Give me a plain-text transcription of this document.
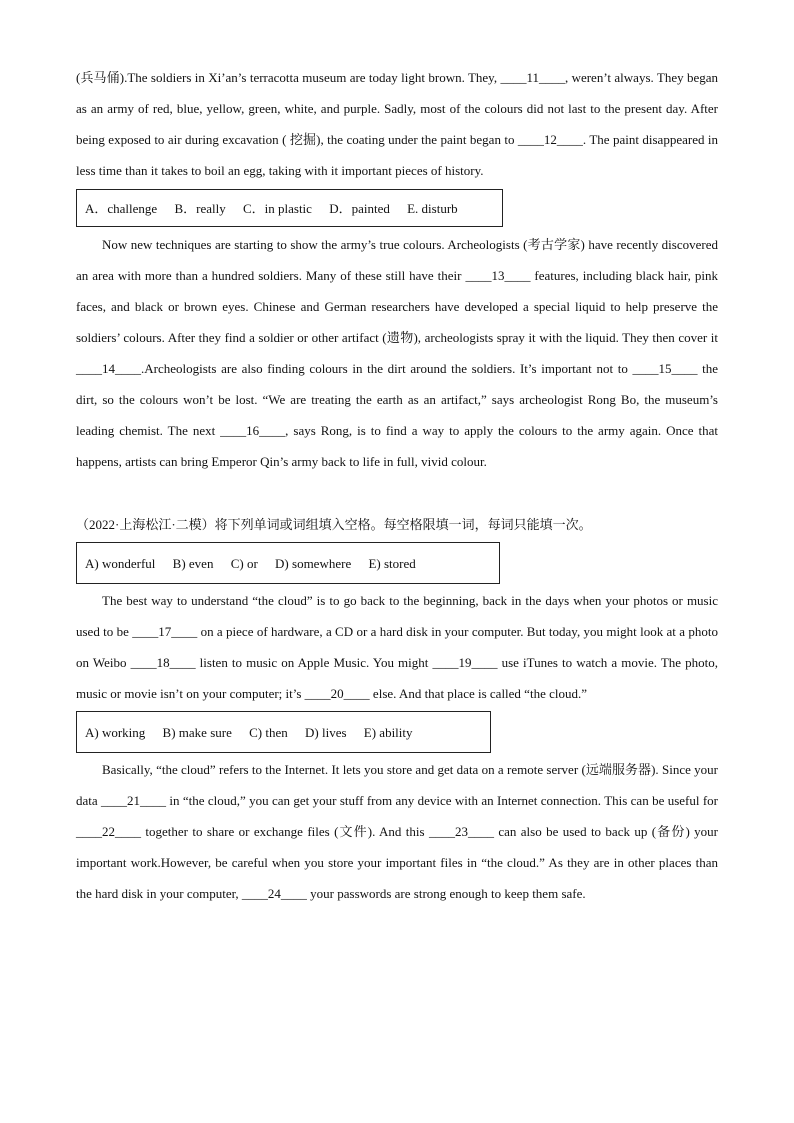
(兵马俑).The soldiers in Xi’an’s terracotta museum are today light brown. They, ____11____, weren’t always. They began as an army of red, blue, yellow, green, white, and purple. Sadly, most of the colours did not last to the present day. After being exposed to air during excavation ( 挖掘), the coating under the paint began to ____12____. The paint disappeared in less time than it takes to boil an egg, taking with it important pieces of history.

A．challenge B．really C．in plastic D．painted E. disturb

Now new techniques are starting to show the army’s true colours. Archeologists (考古学家) have recently discovered an area with more than a hundred soldiers. Many of these still have their ____13____ features, including black hair, pink faces, and black or brown eyes. Chinese and German researchers have developed a special liquid to help preserve the soldiers’ colours. After they find a soldier or other artifact (遗物), archeologists spray it with the liquid. They then cover it ____14____.Archeologists are also finding colours in the dirt around the soldiers. It’s important not to ____15____ the dirt, so the colours won’t be lost. “We are treating the earth as an artifact,” says archeologist Rong Bo, the museum’s leading chemist. The next ____16____, says Rong, is to find a way to apply the colours to the army again. Once that happens, artists can bring Emperor Qin’s army back to life in full, vivid colour.

（2022·上海松江·二模）将下列单词或词组填入空格。每空格限填一词，每词只能填一次。

A) wonderful B) even C) or D) somewhere E) stored

The best way to understand “the cloud” is to go back to the beginning, back in the days when your photos or music used to be ____17____ on a piece of hardware, a CD or a hard disk in your computer. But today, you might look at a photo on Weibo ____18____ listen to music on Apple Music. You might ____19____ use iTunes to watch a movie. The photo, music or movie isn’t on your computer; it’s ____20____ else. And that place is called “the cloud.”

A) working B) make sure C) then D) lives E) ability

Basically, “the cloud” refers to the Internet. It lets you store and get data on a remote server (远端服务器). Since your data ____21____ in “the cloud,” you can get your stuff from any device with an Internet connection. This can be useful for ____22____ together to share or exchange files (文件). And this ____23____ can also be used to back up (备份) your important work.However, be careful when you store your important files in “the cloud.” As they are in other places than the hard disk in your computer, ____24____ your passwords are strong enough to keep them safe.
